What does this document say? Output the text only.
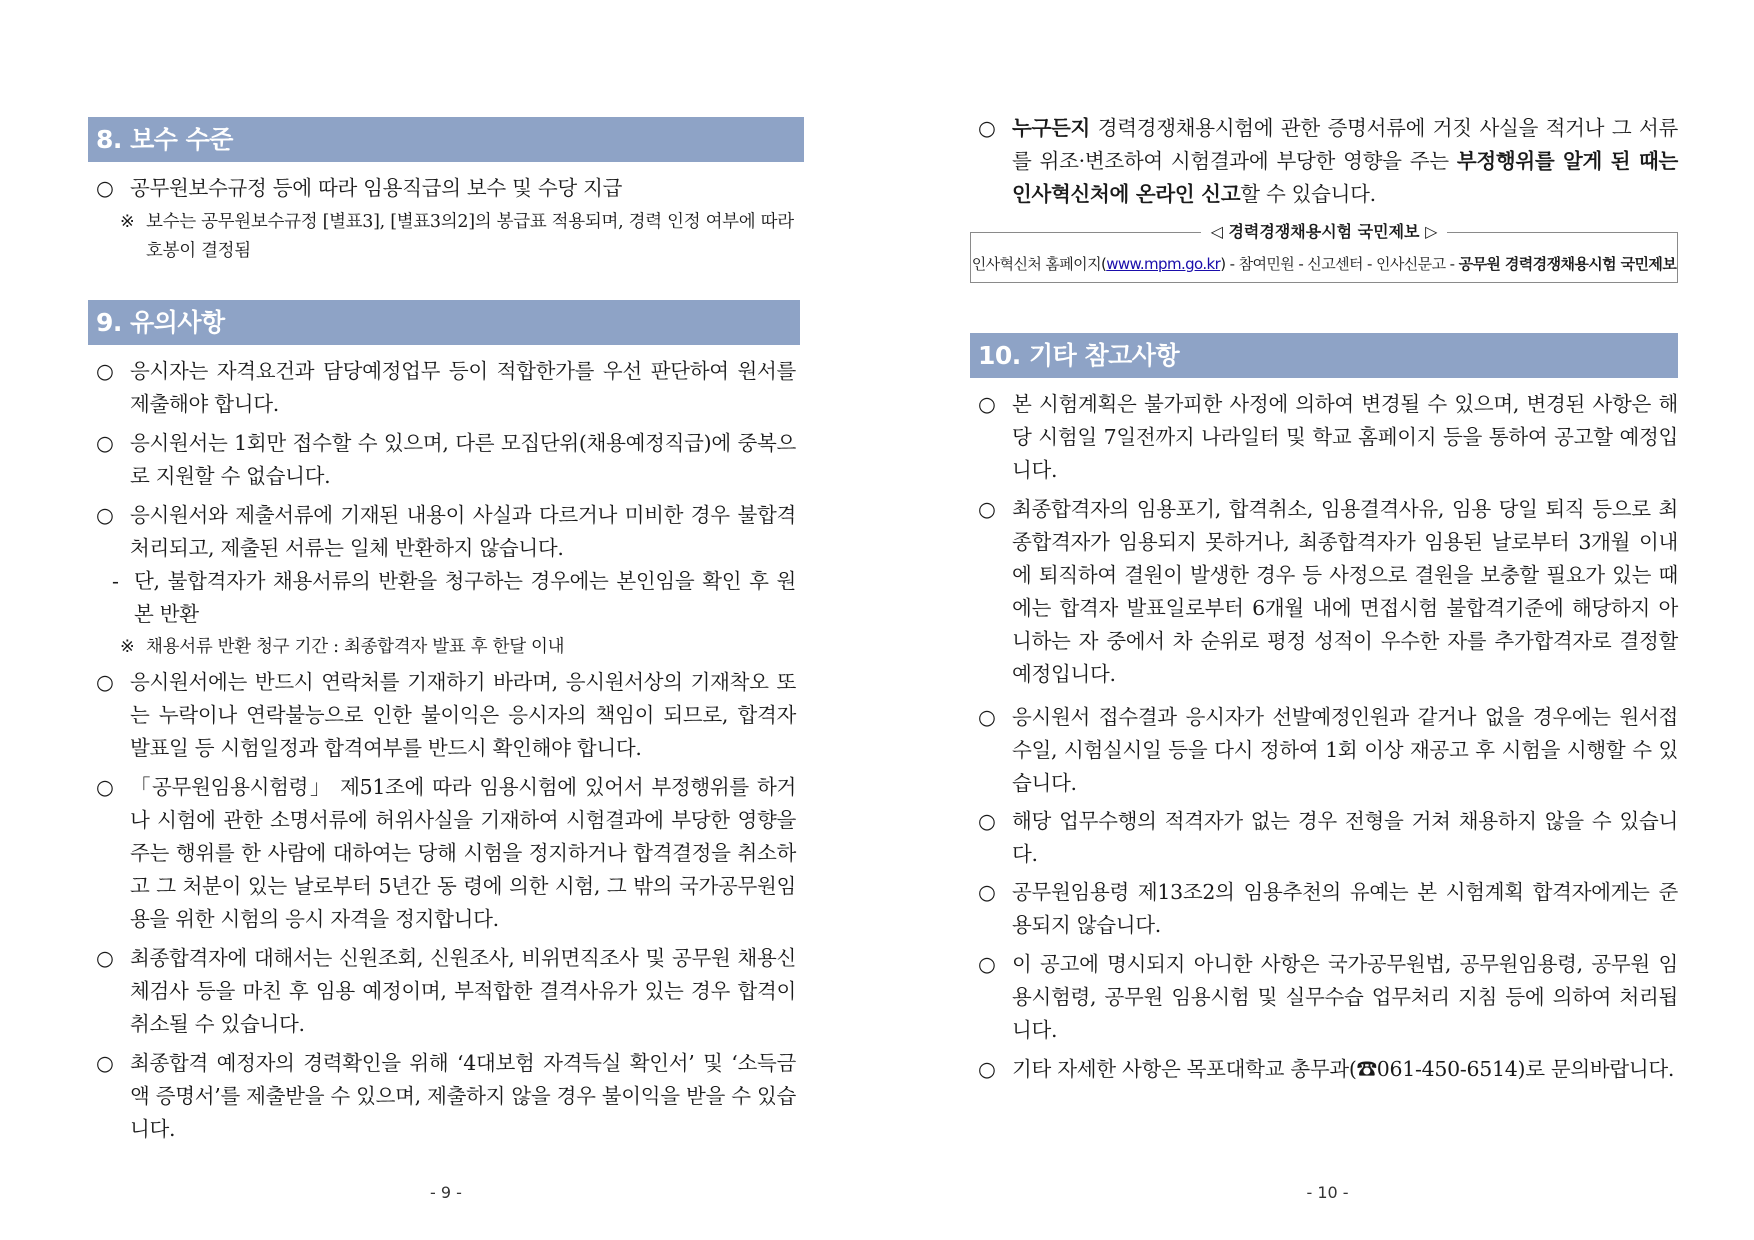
8. 보수 수준
○ 공무원보수규정 등에 따라 임용직급의 보수 및 수당 지급
※ 보수는 공무원보수규정 [별표3], [별표3의2]의 봉급표 적용되며, 경력 인정 여부에 따라 호봉이 결정됨
9. 유의사항
○ 응시자는 자격요건과 담당예정업무 등이 적합한가를 우선 판단하여 원서를 제출해야 합니다.
○ 응시원서는 1회만 접수할 수 있으며, 다른 모집단위(채용예정직급)에 중복으로 지원할 수 없습니다.
○ 응시원서와 제출서류에 기재된 내용이 사실과 다르거나 미비한 경우 불합격 처리되고, 제출된 서류는 일체 반환하지 않습니다.
- 단, 불합격자가 채용서류의 반환을 청구하는 경우에는 본인임을 확인 후 원본 반환
※ 채용서류 반환 청구 기간 : 최종합격자 발표 후 한달 이내
○ 응시원서에는 반드시 연락처를 기재하기 바라며, 응시원서상의 기재착오 또는 누락이나 연락불능으로 인한 불이익은 응시자의 책임이 되므로, 합격자 발표일 등 시험일정과 합격여부를 반드시 확인해야 합니다.
○ 「공무원임용시험령」 제51조에 따라 임용시험에 있어서 부정행위를 하거나 시험에 관한 소명서류에 허위사실을 기재하여 시험결과에 부당한 영향을 주는 행위를 한 사람에 대하여는 당해 시험을 정지하거나 합격결정을 취소하고 그 처분이 있는 날로부터 5년간 동 령에 의한 시험, 그 밖의 국가공무원임용을 위한 시험의 응시 자격을 정지합니다.
○ 최종합격자에 대해서는 신원조회, 신원조사, 비위면직조사 및 공무원 채용신체검사 등을 마친 후 임용 예정이며, 부적합한 결격사유가 있는 경우 합격이 취소될 수 있습니다.
○ 최종합격 예정자의 경력확인을 위해 ‘4대보험 자격득실 확인서’ 및 ‘소득금액 증명서’를 제출받을 수 있으며, 제출하지 않을 경우 불이익을 받을 수 있습니다.
- 9 -
○ 누구든지 경력경쟁채용시험에 관한 증명서류에 거짓 사실을 적거나 그 서류를 위조·변조하여 시험결과에 부당한 영향을 주는 부정행위를 알게 된 때는 인사혁신처에 온라인 신고할 수 있습니다.
◁ 경력경쟁채용시험 국민제보 ▷
인사혁신처 홈페이지(www.mpm.go.kr) - 참여민원 - 신고센터 - 인사신문고 - 공무원 경력경쟁채용시험 국민제보
10. 기타 참고사항
○ 본 시험계획은 불가피한 사정에 의하여 변경될 수 있으며, 변경된 사항은 해당 시험일 7일전까지 나라일터 및 학교 홈페이지 등을 통하여 공고할 예정입니다.
○ 최종합격자의 임용포기, 합격취소, 임용결격사유, 임용 당일 퇴직 등으로 최종합격자가 임용되지 못하거나, 최종합격자가 임용된 날로부터 3개월 이내에 퇴직하여 결원이 발생한 경우 등 사정으로 결원을 보충할 필요가 있는 때에는 합격자 발표일로부터 6개월 내에 면접시험 불합격기준에 해당하지 아니하는 자 중에서 차 순위로 평정 성적이 우수한 자를 추가합격자로 결정할 예정입니다.
○ 응시원서 접수결과 응시자가 선발예정인원과 같거나 없을 경우에는 원서접수일, 시험실시일 등을 다시 정하여 1회 이상 재공고 후 시험을 시행할 수 있습니다.
○ 해당 업무수행의 적격자가 없는 경우 전형을 거쳐 채용하지 않을 수 있습니다.
○ 공무원임용령 제13조2의 임용추천의 유예는 본 시험계획 합격자에게는 준용되지 않습니다.
○ 이 공고에 명시되지 아니한 사항은 국가공무원법, 공무원임용령, 공무원 임용시험령, 공무원 임용시험 및 실무수습 업무처리 지침 등에 의하여 처리됩니다.
○ 기타 자세한 사항은 목포대학교 총무과(☎061-450-6514)로 문의바랍니다.
- 10 -
